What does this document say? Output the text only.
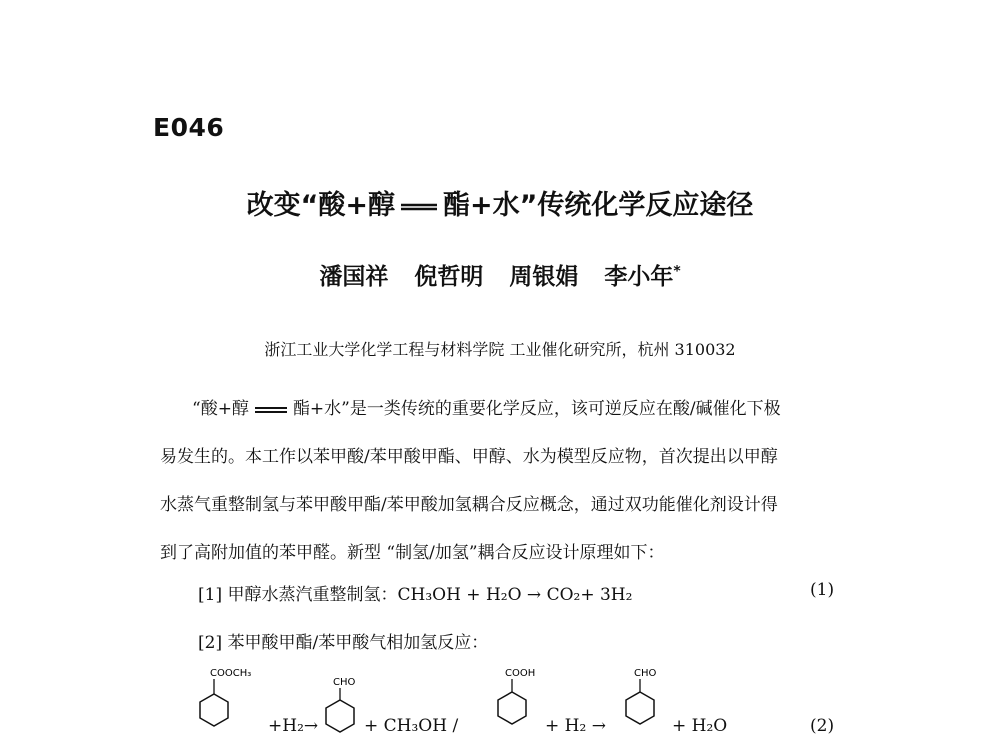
E046
改变“酸+醇 酯+水”传统化学反应途径
潘国祥 倪哲明 周银娟 李小年*
浙江工业大学化学工程与材料学院 工业催化研究所，杭州 310032
“酸+醇	酯+水”是一类传统的重要化学反应，该可逆反应在酸/碱催化下极
易发生的。本工作以苯甲酸/苯甲酸甲酯、甲醇、水为模型反应物，首次提出以甲醇
水蒸气重整制氢与苯甲酸甲酯/苯甲酸加氢耦合反应概念，通过双功能催化剂设计得
到了高附加值的苯甲醛。新型 “制氢/加氢”耦合反应设计原理如下：
[1] 甲醇水蒸汽重整制氢：CH₃OH + H₂O → CO₂+ 3H₂	(1)
[2] 苯甲酸甲酯/苯甲酸气相加氢反应：
COOCH₃
+H₂→
CHO
+ CH₃OH /
COOH
+ H₂ →
CHO
+ H₂O	(2)
